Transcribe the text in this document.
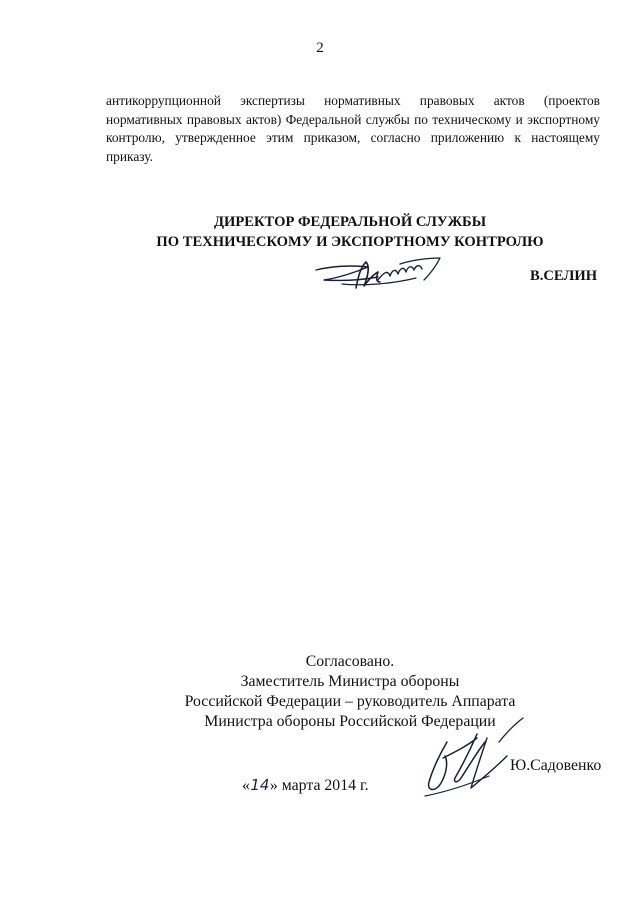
2
антикоррупционной экспертизы нормативных правовых актов (проектов нормативных правовых актов) Федеральной службы по техническому и экспортному контролю, утвержденное этим приказом, согласно приложению к настоящему приказу.
ДИРЕКТОР ФЕДЕРАЛЬНОЙ СЛУЖБЫ
ПО ТЕХНИЧЕСКОМУ И ЭКСПОРТНОМУ КОНТРОЛЮ
В.СЕЛИН
Согласовано.
Заместитель Министра обороны
Российской Федерации – руководитель Аппарата
Министра обороны Российской Федерации
Ю.Садовенко
«14» марта 2014 г.
